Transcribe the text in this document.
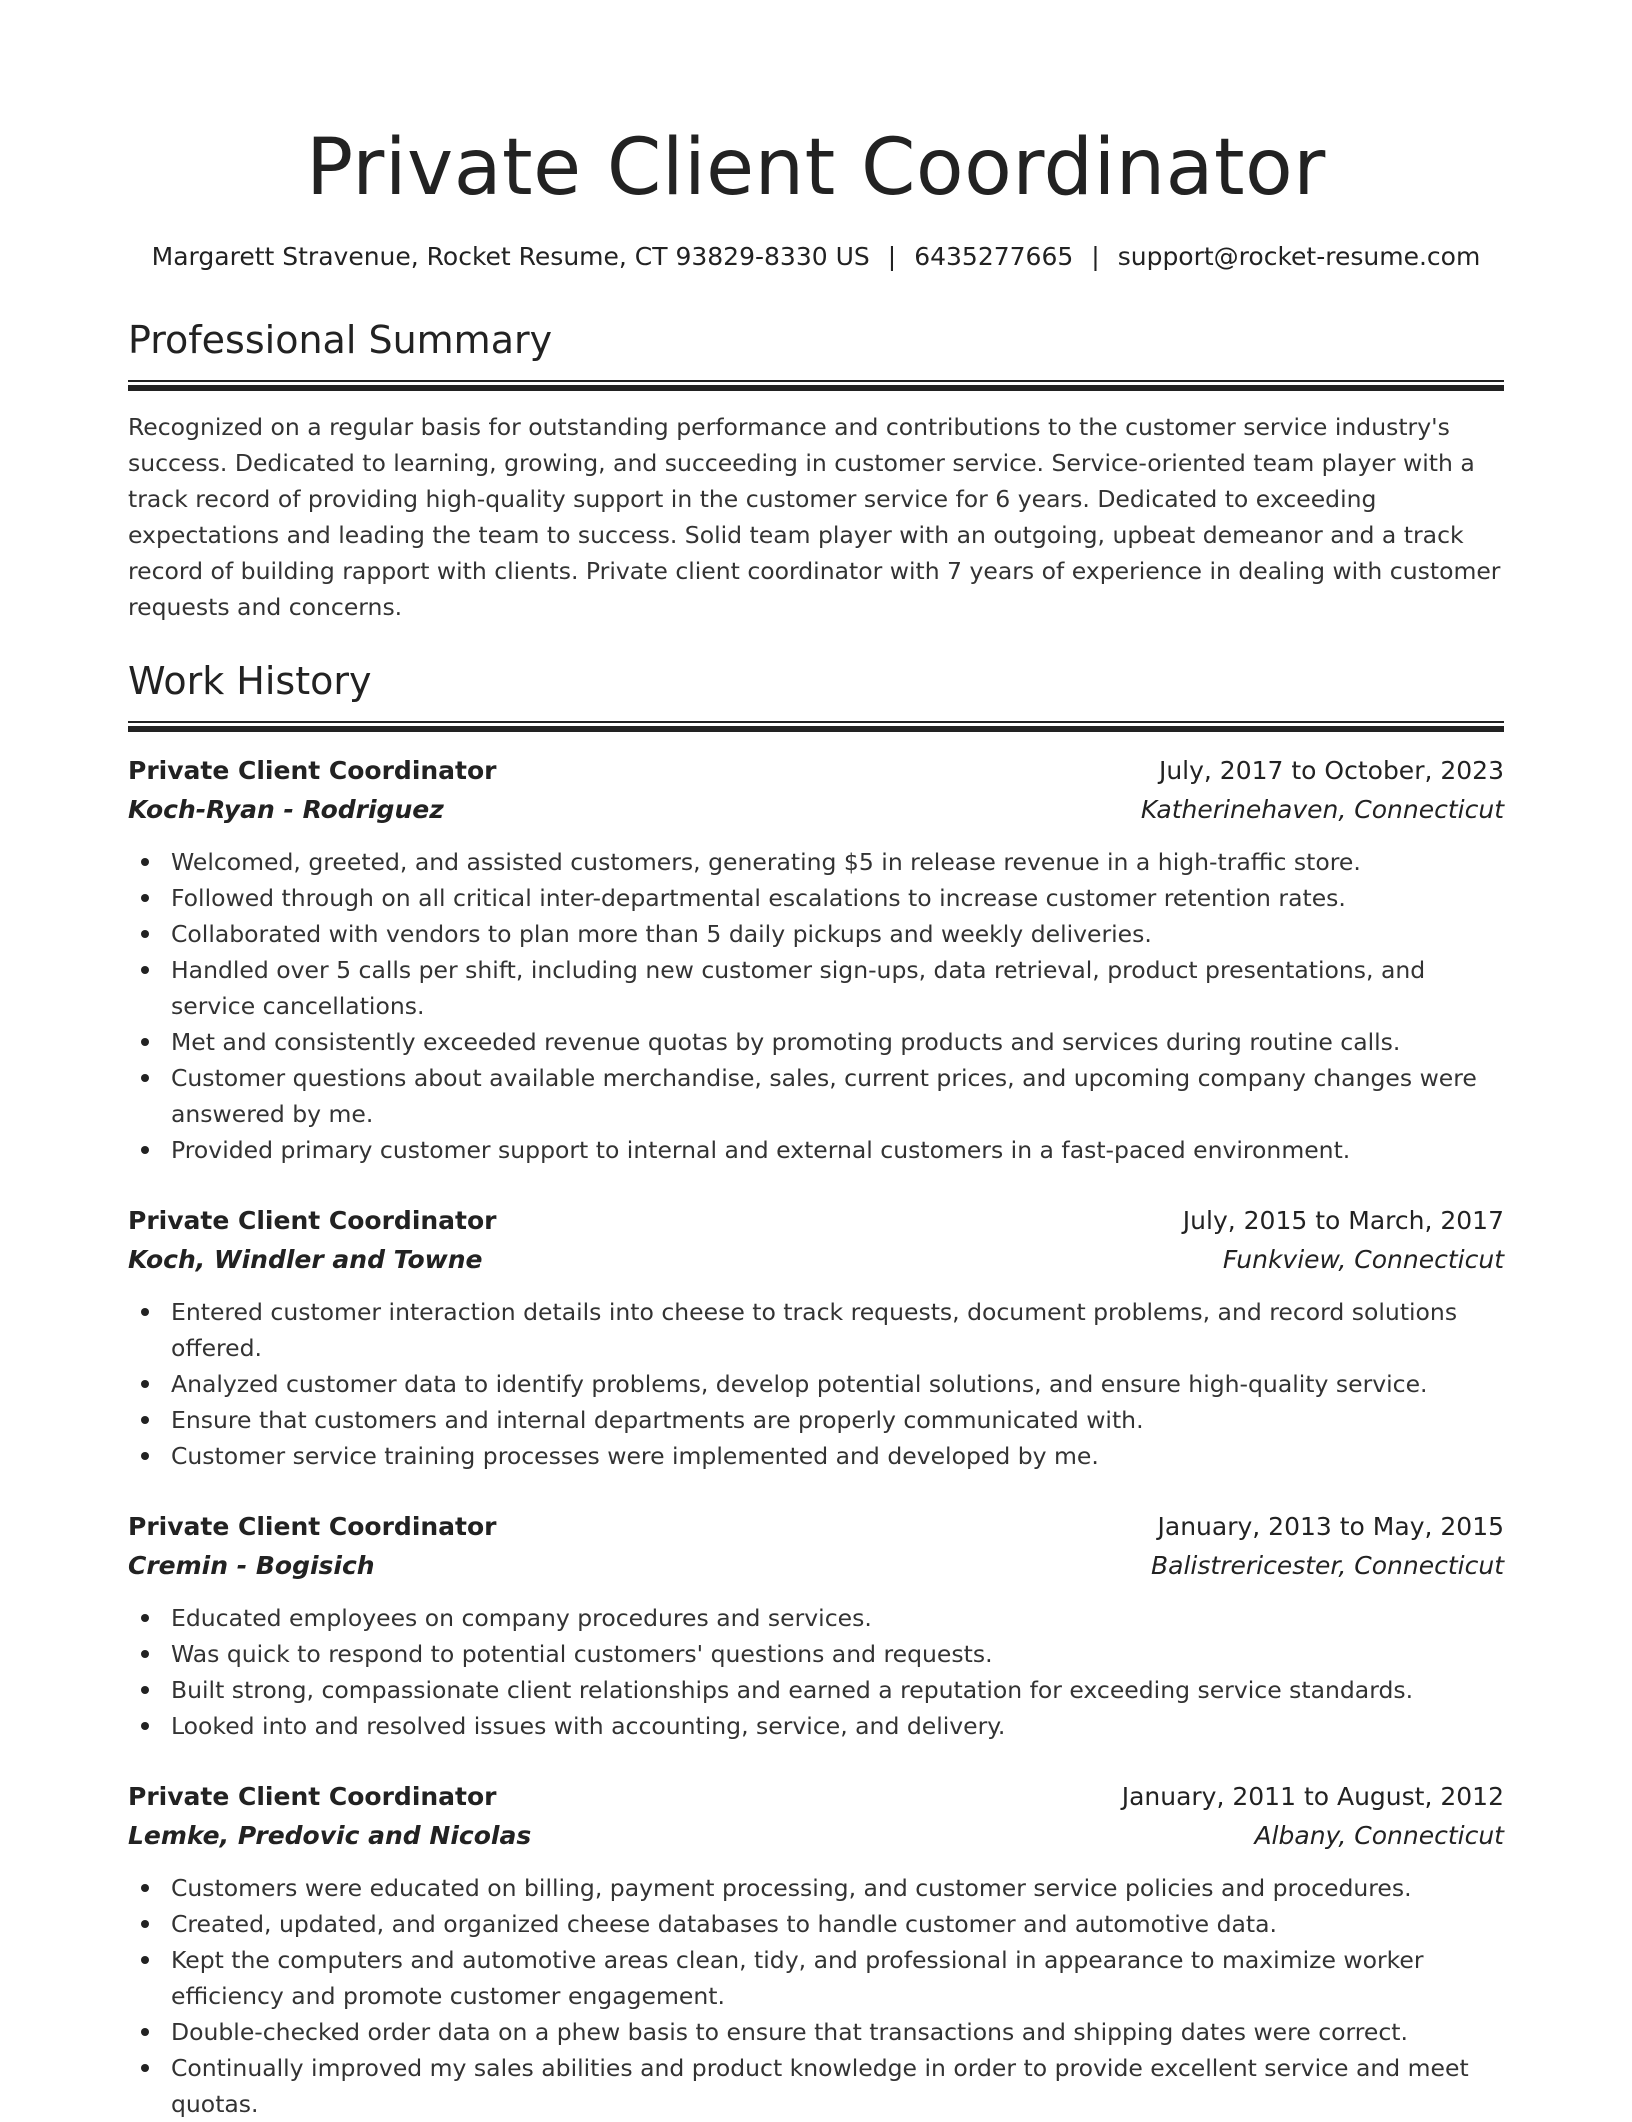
Private Client Coordinator
Margarett Stravenue, Rocket Resume, CT 93829-8330 US | 6435277665 | support@rocket-resume.com
Professional Summary

Recognized on a regular basis for outstanding performance and contributions to the customer service industry's success. Dedicated to learning, growing, and succeeding in customer service. Service-oriented team player with a track record of providing high-quality support in the customer service for 6 years. Dedicated to exceeding expectations and leading the team to success. Solid team player with an outgoing, upbeat demeanor and a track record of building rapport with clients. Private client coordinator with 7 years of experience in dealing with customer requests and concerns.

Work History
Private Client Coordinator	July, 2017 to October, 2023
Koch-Ryan - Rodriguez	Katherinehaven, Connecticut
Welcomed, greeted, and assisted customers, generating $5 in release revenue in a high-traffic store.
Followed through on all critical inter-departmental escalations to increase customer retention rates.
Collaborated with vendors to plan more than 5 daily pickups and weekly deliveries.
Handled over 5 calls per shift, including new customer sign-ups, data retrieval, product presentations, and service cancellations.
Met and consistently exceeded revenue quotas by promoting products and services during routine calls.
Customer questions about available merchandise, sales, current prices, and upcoming company changes were answered by me.
Provided primary customer support to internal and external customers in a fast-paced environment.
Private Client Coordinator	July, 2015 to March, 2017
Koch, Windler and Towne	Funkview, Connecticut
Entered customer interaction details into cheese to track requests, document problems, and record solutions offered.
Analyzed customer data to identify problems, develop potential solutions, and ensure high-quality service.
Ensure that customers and internal departments are properly communicated with.
Customer service training processes were implemented and developed by me.
Private Client Coordinator	January, 2013 to May, 2015
Cremin - Bogisich	Balistrericester, Connecticut
Educated employees on company procedures and services.
Was quick to respond to potential customers' questions and requests.
Built strong, compassionate client relationships and earned a reputation for exceeding service standards.
Looked into and resolved issues with accounting, service, and delivery.
Private Client Coordinator	January, 2011 to August, 2012
Lemke, Predovic and Nicolas	Albany, Connecticut
Customers were educated on billing, payment processing, and customer service policies and procedures.
Created, updated, and organized cheese databases to handle customer and automotive data.
Kept the computers and automotive areas clean, tidy, and professional in appearance to maximize worker efficiency and promote customer engagement.
Double-checked order data on a phew basis to ensure that transactions and shipping dates were correct.
Continually improved my sales abilities and product knowledge in order to provide excellent service and meet quotas.
